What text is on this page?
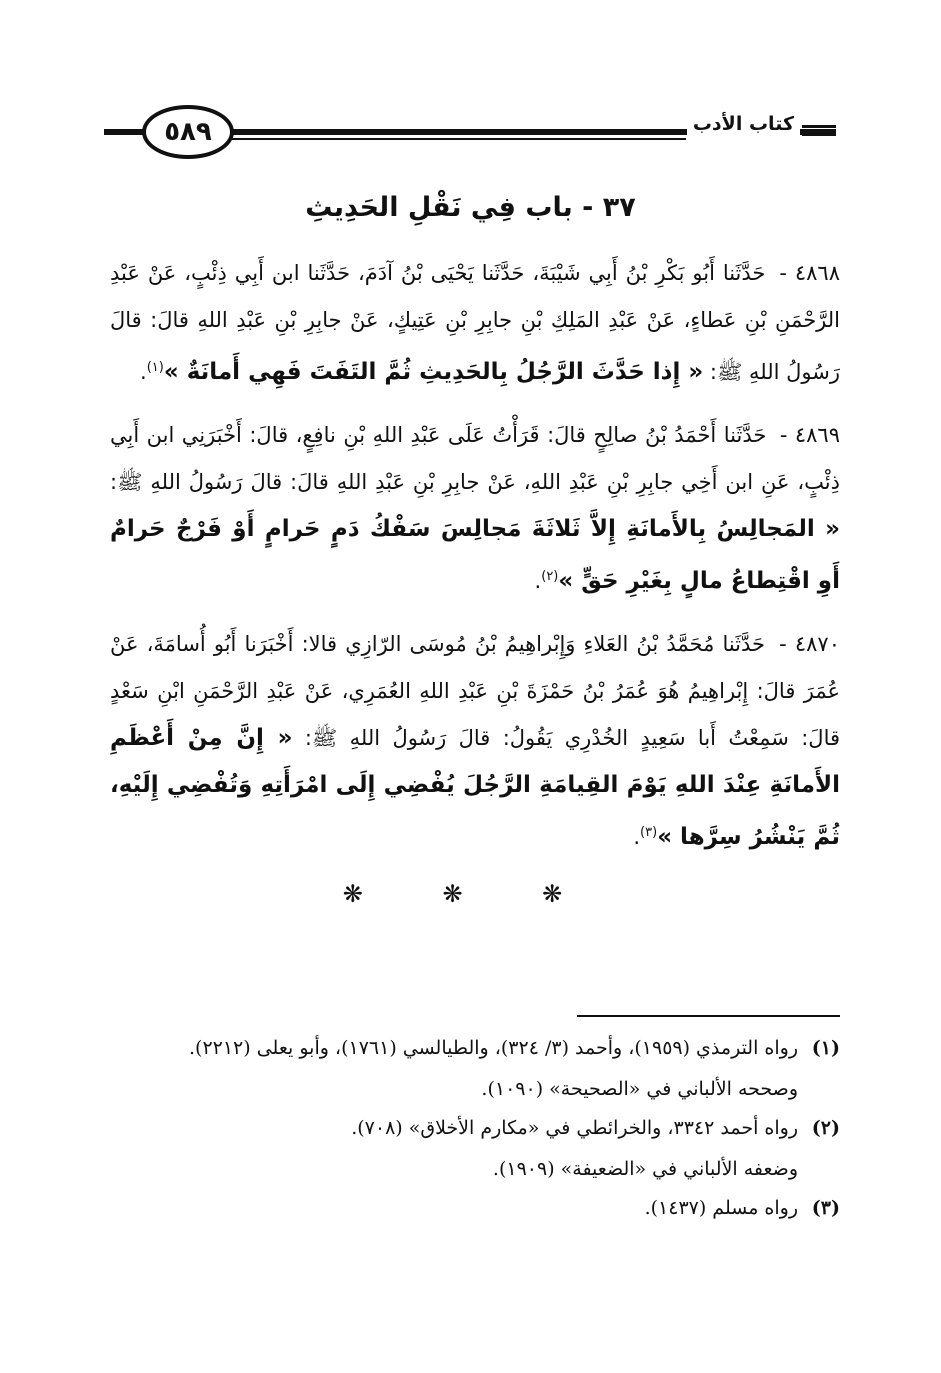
٥٨٩	كتاب الأدب
٣٧ - باب فِي نَقْلِ الحَدِيثِ

٤٨٦٨ - حَدَّثَنا أَبُو بَكْرِ بْنُ أَبِي شَيْبَةَ، حَدَّثَنا يَحْيَى بْنُ آدَمَ، حَدَّثَنا ابن أَبِي ذِئْبٍ، عَنْ عَبْدِ الرَّحْمَنِ بْنِ عَطاءٍ، عَنْ عَبْدِ المَلِكِ بْنِ جابِرِ بْنِ عَتِيكٍ، عَنْ جابِرِ بْنِ عَبْدِ اللهِ قالَ: قالَ رَسُولُ اللهِ ﷺ: « إِذا حَدَّثَ الرَّجُلُ بِالحَدِيثِ ثُمَّ التَفَتَ فَهِي أَمانَةٌ »$^{(١)}$.

٤٨٦٩ - حَدَّثَنا أَحْمَدُ بْنُ صالِحٍ قالَ: قَرَأْتُ عَلَى عَبْدِ اللهِ بْنِ نافِعٍ، قالَ: أَخْبَرَنِي ابن أَبِي ذِئْبٍ، عَنِ ابن أَخِي جابِرِ بْنِ عَبْدِ اللهِ، عَنْ جابِرِ بْنِ عَبْدِ اللهِ قالَ: قالَ رَسُولُ اللهِ ﷺ: « المَجالِسُ بِالأَمانَةِ إِلاَّ ثَلاثَةَ مَجالِسَ سَفْكُ دَمٍ حَرامٍ أَوْ فَرْجٌ حَرامٌ أَوِ اقْتِطاعُ مالٍ بِغَيْرِ حَقٍّ »$^{(٢)}$.

٤٨٧٠ - حَدَّثَنا مُحَمَّدُ بْنُ العَلاءِ وَإِبْراهِيمُ بْنُ مُوسَى الرّازِي قالا: أَخْبَرَنا أَبُو أُسامَةَ، عَنْ عُمَرَ قالَ: إِبْراهِيمُ هُوَ عُمَرُ بْنُ حَمْزَةَ بْنِ عَبْدِ اللهِ العُمَرِي، عَنْ عَبْدِ الرَّحْمَنِ ابْنِ سَعْدٍ قالَ: سَمِعْتُ أَبا سَعِيدٍ الخُدْرِي يَقُولُ: قالَ رَسُولُ اللهِ ﷺ: « إِنَّ مِنْ أَعْظَمِ الأَمانَةِ عِنْدَ اللهِ يَوْمَ القِيامَةِ الرَّجُلَ يُفْضِي إِلَى امْرَأَتِهِ وَتُفْضِي إِلَيْهِ، ثُمَّ يَنْشُرُ سِرَّها »$^{(٣)}$.

❋ ❋ ❋
(١)
رواه الترمذي (١٩٥٩)، وأحمد (٣/ ٣٢٤)، والطيالسي (١٧٦١)، وأبو يعلى (٢٢١٢).
وصححه الألباني في «الصحيحة» (١٠٩٠).
(٢)
رواه أحمد ٣٣٤٢، والخرائطي في «مكارم الأخلاق» (٧٠٨).
وضعفه الألباني في «الضعيفة» (١٩٠٩).
(٣)
رواه مسلم (١٤٣٧).
